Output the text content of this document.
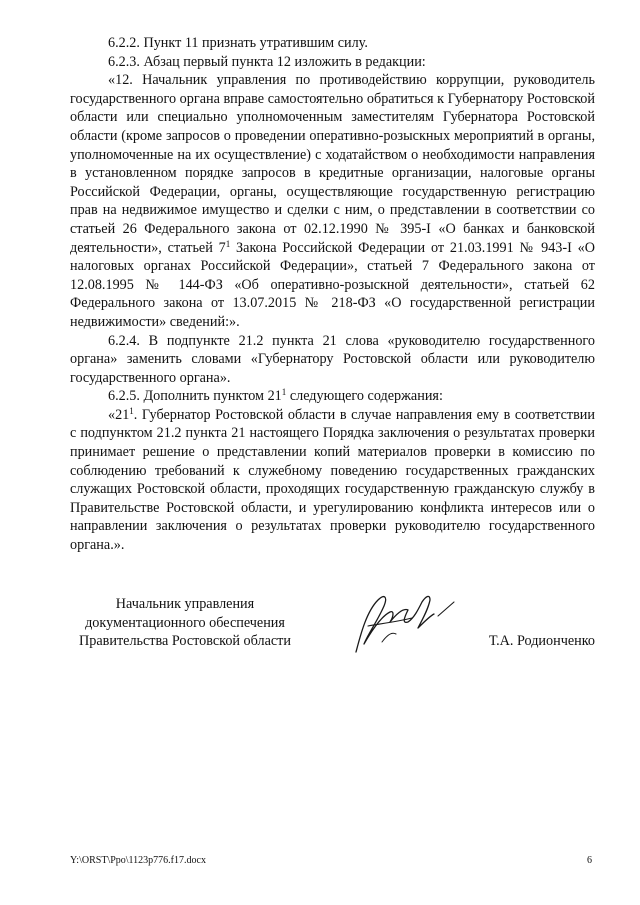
6.2.2. Пункт 11 признать утратившим силу.

6.2.3. Абзац первый пункта 12 изложить в редакции:

«12. Начальник управления по противодействию коррупции, руководитель государственного органа вправе самостоятельно обратиться к Губернатору Ростовской области или специально уполномоченным заместителям Губернатора Ростовской области (кроме запросов о проведении оперативно-розыскных мероприятий в органы, уполномоченные на их осуществление) с ходатайством о необходимости направления в установленном порядке запросов в кредитные организации, налоговые органы Российской Федерации, органы, осуществляющие государственную регистрацию прав на недвижимое имущество и сделки с ним, о представлении в соответствии со статьей 26 Федерального закона от 02.12.1990 № 395-I «О банках и банковской деятельности», статьей $7^1$ Закона Российской Федерации от 21.03.1991 № 943-I «О налоговых органах Российской Федерации», статьей 7 Федерального закона от 12.08.1995 № 144-ФЗ «Об оперативно-розыскной деятельности», статьей 62 Федерального закона от 13.07.2015 № 218-ФЗ «О государственной регистрации недвижимости» сведений:».

6.2.4. В подпункте 21.2 пункта 21 слова «руководителю государственного органа» заменить словами «Губернатору Ростовской области или руководителю государственного органа».

6.2.5. Дополнить пунктом $21^1$ следующего содержания:

«$21^1$. Губернатор Ростовской области в случае направления ему в соответствии с подпунктом 21.2 пункта 21 настоящего Порядка заключения о результатах проверки принимает решение о представлении копий материалов проверки в комиссию по соблюдению требований к служебному поведению государственных гражданских служащих Ростовской области, проходящих государственную гражданскую службу в Правительстве Ростовской области, и урегулированию конфликта интересов или о направлении заключения о результатах проверки руководителю государственного органа.».

Начальник управления
документационного обеспечения
Правительства Ростовской области	Т.А. Родионченко
Y:\ORST\Ppo\1123p776.f17.docx	6
